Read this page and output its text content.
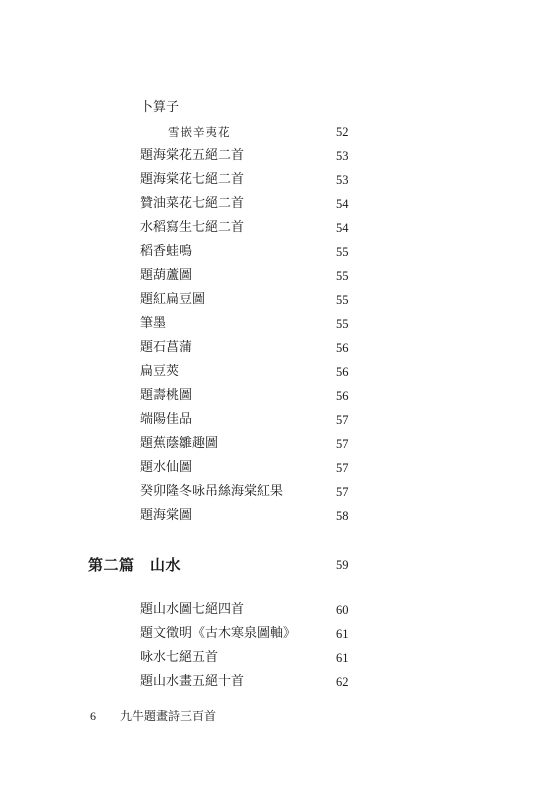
卜算子
雪嵌辛夷花	52
題海棠花五絕二首	53
題海棠花七絕二首	53
贊油菜花七絕二首	54
水稻寫生七絕二首	54
稻香蛙鳴	55
題葫蘆圖	55
題紅扁豆圖	55
筆墨	55
題石菖蒲	56
扁豆莢	56
題壽桃圖	56
端陽佳品	57
題蕉蔭雛趣圖	57
題水仙圖	57
癸卯隆冬咏吊絲海棠紅果	57
題海棠圖	58
第二篇　山水	59
題山水圖七絕四首	60
題文徵明《古木寒泉圖軸》	61
咏水七絕五首	61
題山水畫五絕十首	62
6 九牛題畫詩三百首
